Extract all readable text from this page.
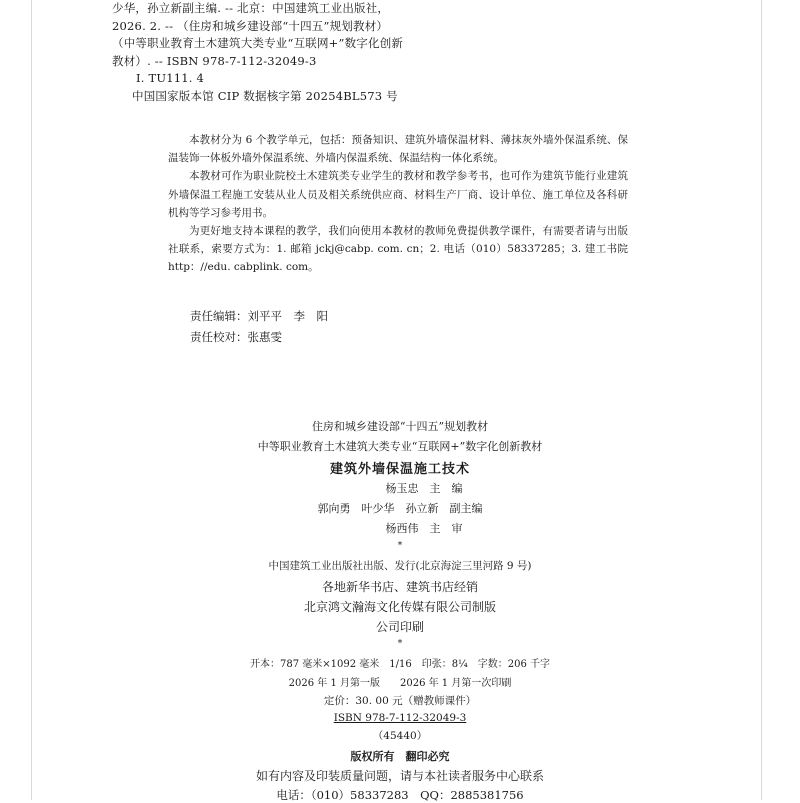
少华，孙立新副主编. -- 北京：中国建筑工业出版社，
2026. 2. -- （住房和城乡建设部“十四五”规划教材）
（中等职业教育土木建筑大类专业“互联网+”数字化创新
教材）. -- ISBN 978-7-112-32049-3
Ⅰ. TU111. 4
中国国家版本馆 CIP 数据核字第 20254BL573 号

本教材分为 6 个教学单元，包括：预备知识、建筑外墙保温材料、薄抹灰外墙外保温系统、保温装饰一体板外墙外保温系统、外墙内保温系统、保温结构一体化系统。

本教材可作为职业院校土木建筑类专业学生的教材和教学参考书，也可作为建筑节能行业建筑外墙保温工程施工安装从业人员及相关系统供应商、材料生产厂商、设计单位、施工单位及各科研机构等学习参考用书。

为更好地支持本课程的教学，我们向使用本教材的教师免费提供教学课件，有需要者请与出版社联系，索要方式为：1. 邮箱 jckj@cabp. com. cn；2. 电话（010）58337285；3. 建工书院 http：//edu. cabplink. com。

责任编辑：刘平平　李　阳
责任校对：张惠雯
住房和城乡建设部“十四五”规划教材
中等职业教育土木建筑大类专业“互联网+”数字化创新教材
建筑外墙保温施工技术
杨玉忠　主　编
郭向勇　叶少华　孙立新　副主编
杨西伟　主　审
*
中国建筑工业出版社出版、发行(北京海淀三里河路 9 号)
各地新华书店、建筑书店经销
北京鸿文瀚海文化传媒有限公司制版
公司印刷
*
开本：787 毫米×1092 毫米　1/16　印张：8¼　字数：206 千字
2026 年 1 月第一版　　2026 年 1 月第一次印刷
定价：30. 00 元（赠教师课件）
ISBN 978-7-112-32049-3
（45440）
版权所有　翻印必究
如有内容及印装质量问题，请与本社读者服务中心联系
电话：（010）58337283　QQ：2885381756
